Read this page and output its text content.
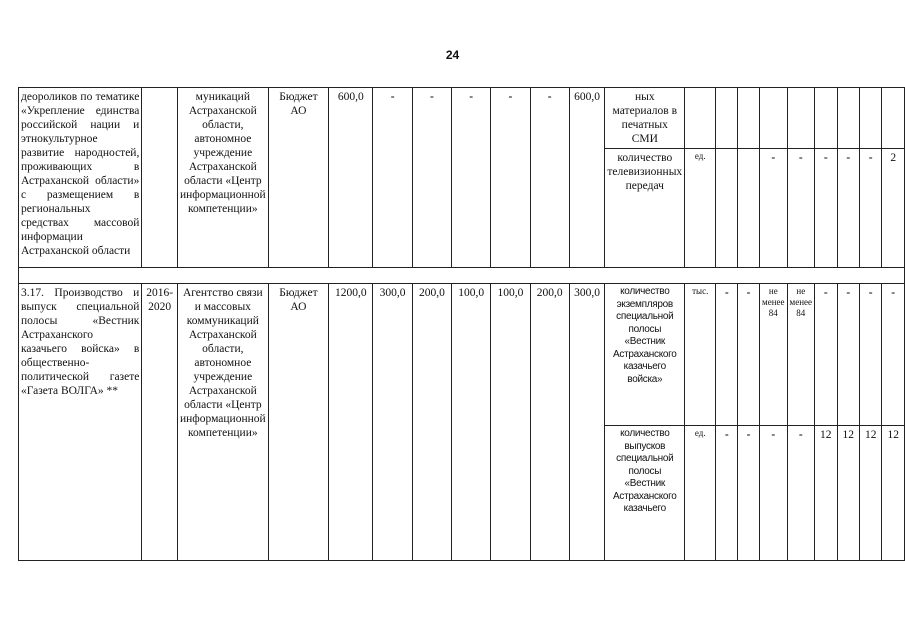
24
деороликов по тематике «Укрепление единства российской нации и этнокультурное развитие народностей, проживающих в Астраханской области» с размещением в региональных средствах массовой информации Астраханской области		муникаций Астраханской области, автономное учреждение Астраханской области «Центр информационной компетенции»	Бюджет АО	600,0	-	-	-	-	-	600,0	ных материалов в печатных СМИ									
											количество телевизионных передач	ед.			-	-	-	-	-	2

3.17. Производство и выпуск специальной полосы «Вестник Астраханского казачьего войска» в общественно-политической газете «Газета ВОЛГА» **	2016-2020	Агентство связи и массовых коммуникаций Астраханской области, автономное учреждение Астраханской области «Центр информационной компетенции»	Бюджет АО	1200,0	300,0	200,0	100,0	100,0	200,0	300,0	количество экземпляров специальной полосы «Вестник Астраханского казачьего войска»	тыс.	-	-	не менее 84	не менее 84	-	-	-	-
											количество выпусков специальной полосы «Вестник Астраханского казачьего	ед.	-	-	-	-	12	12	12	12
